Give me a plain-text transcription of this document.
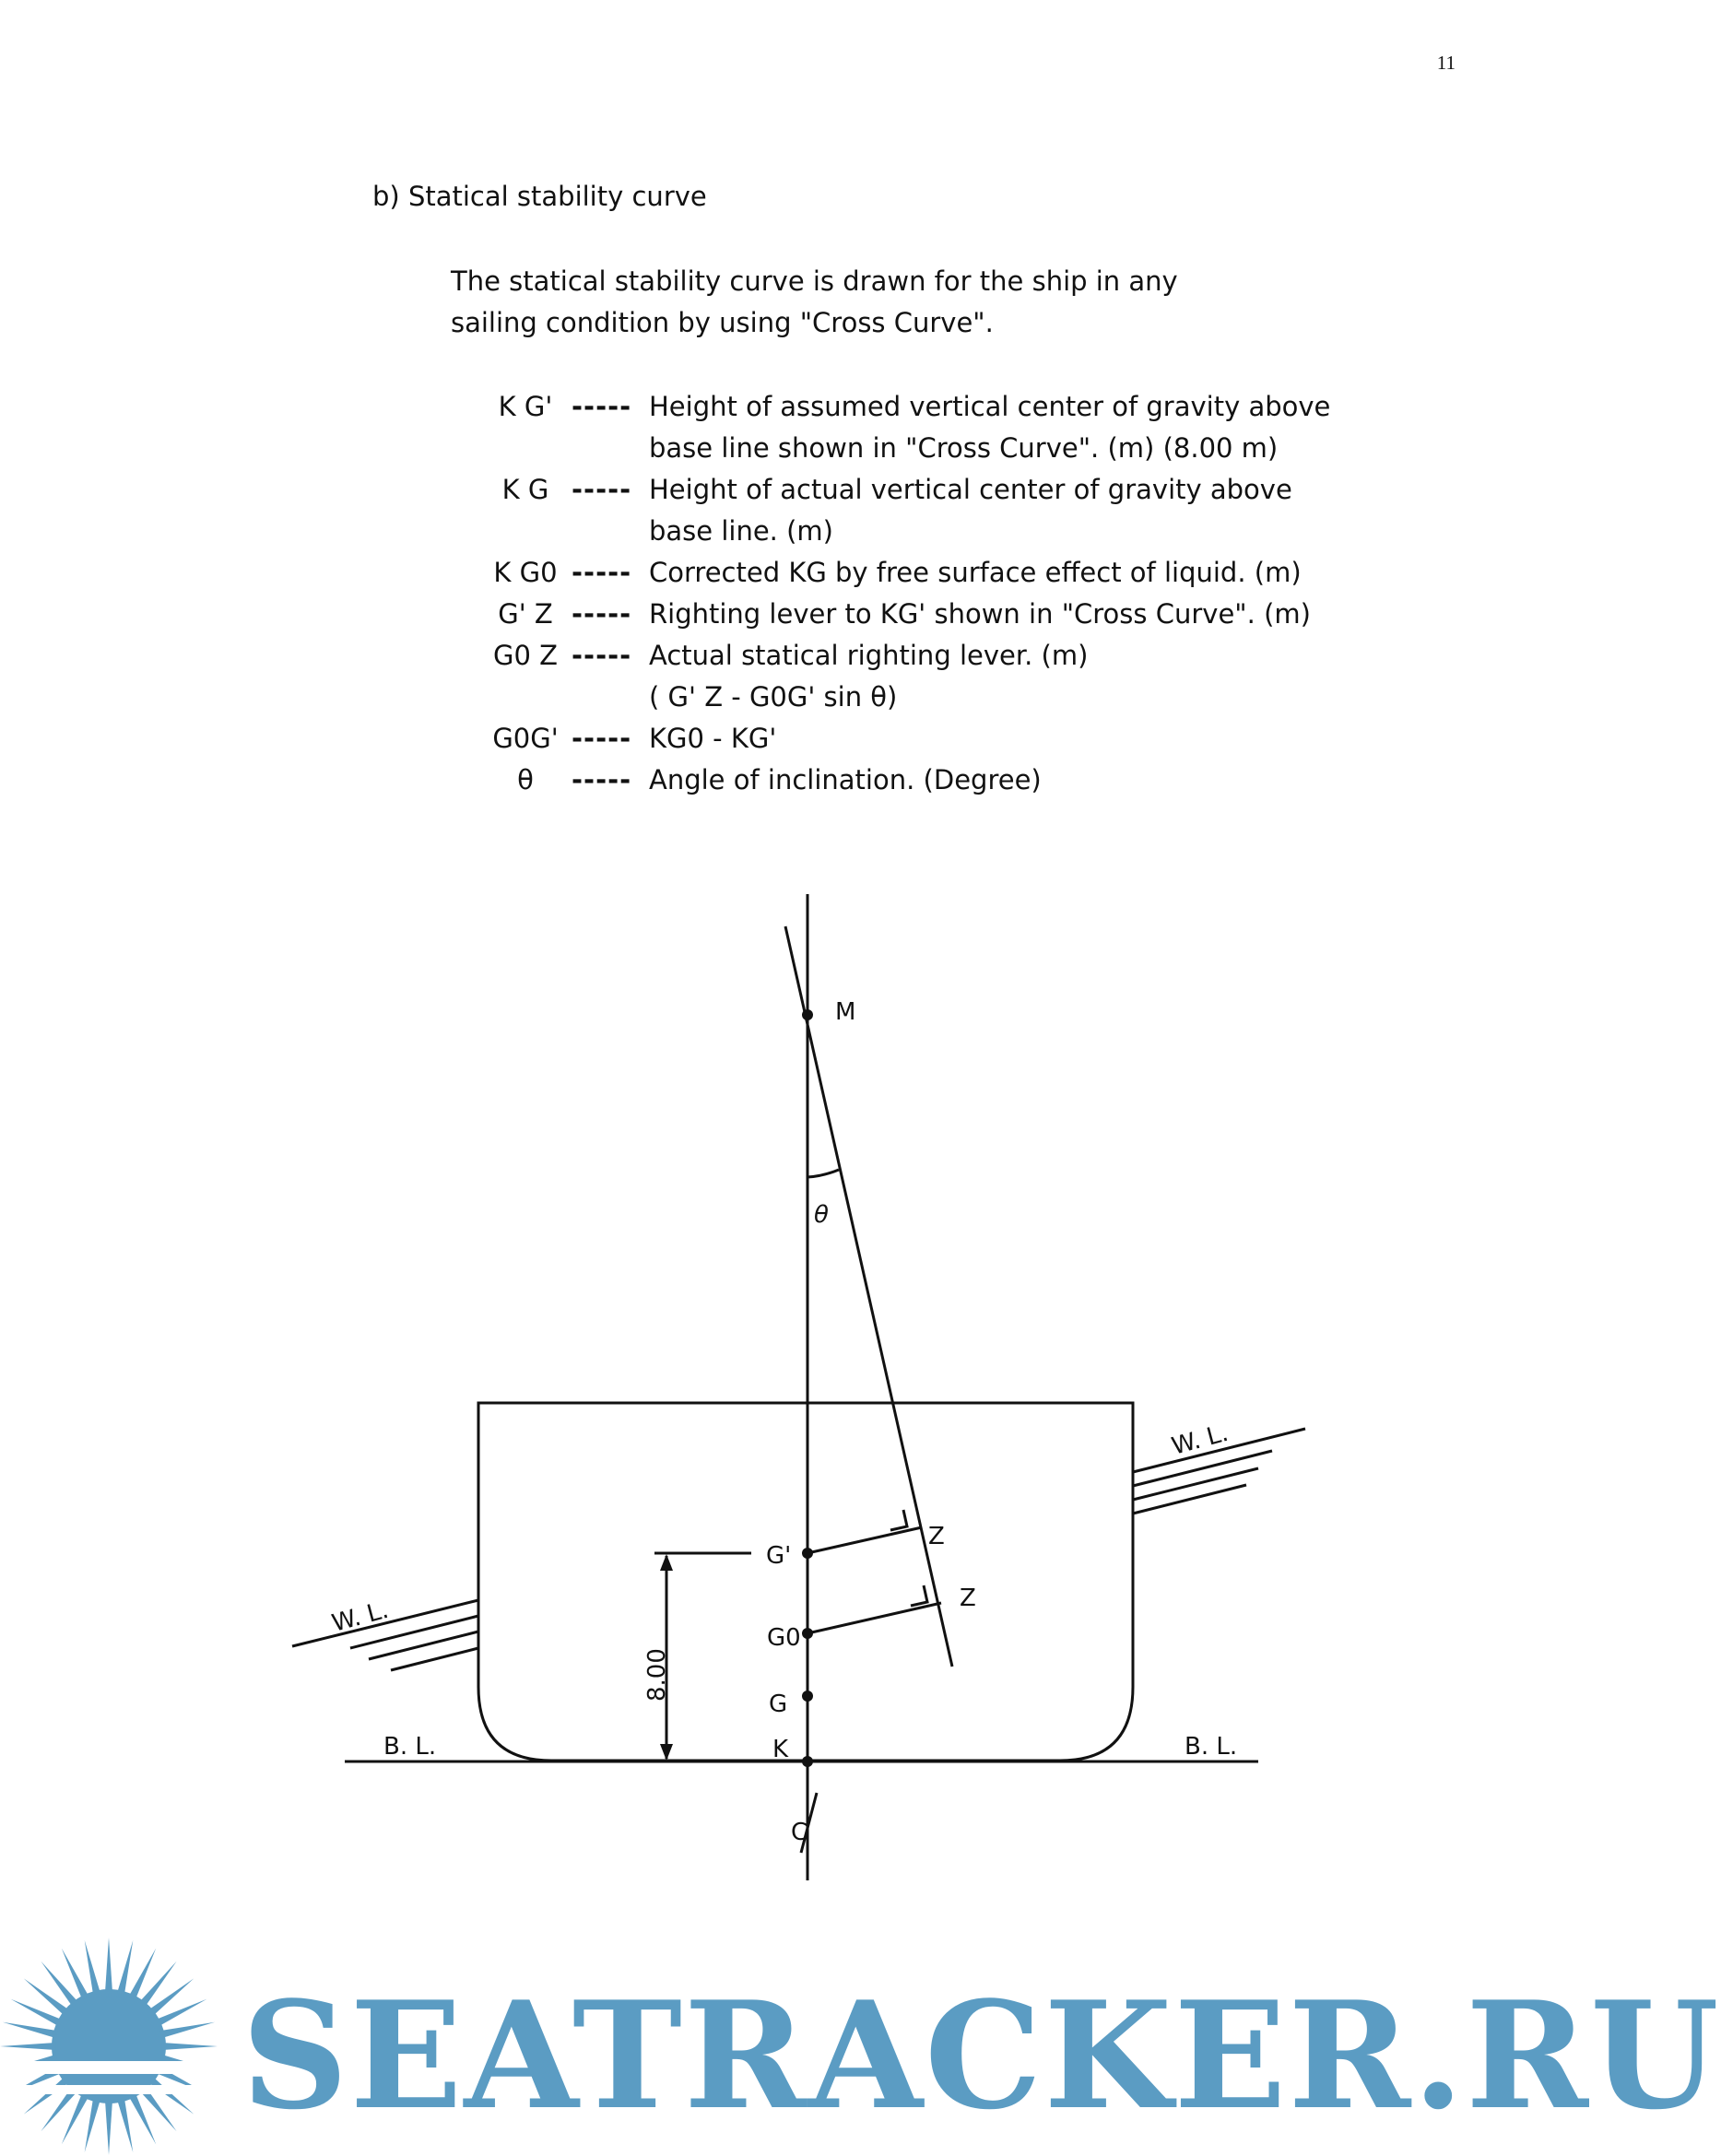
11
b) Statical stability curve

The statical stability curve is drawn for the ship in any

sailing condition by using "Cross Curve".

K G' ----- Height of assumed vertical center of gravity above
base line shown in "Cross Curve". (m) (8.00 m)
K G ----- Height of actual vertical center of gravity above
base line. (m)
K G0 ----- Corrected KG by free surface effect of liquid. (m)
G' Z ----- Righting lever to KG' shown in "Cross Curve". (m)
G0 Z ----- Actual statical righting lever. (m)
( G' Z - G0G' sin θ)
G0G' ----- KG0 - KG'
θ	----- Angle of inclination. (Degree)
M
θ
W. L.
W. L.
G'
Z
Z
G0
G
K
B. L.	B. L.
8.00
C
SEATRACKER.RU
